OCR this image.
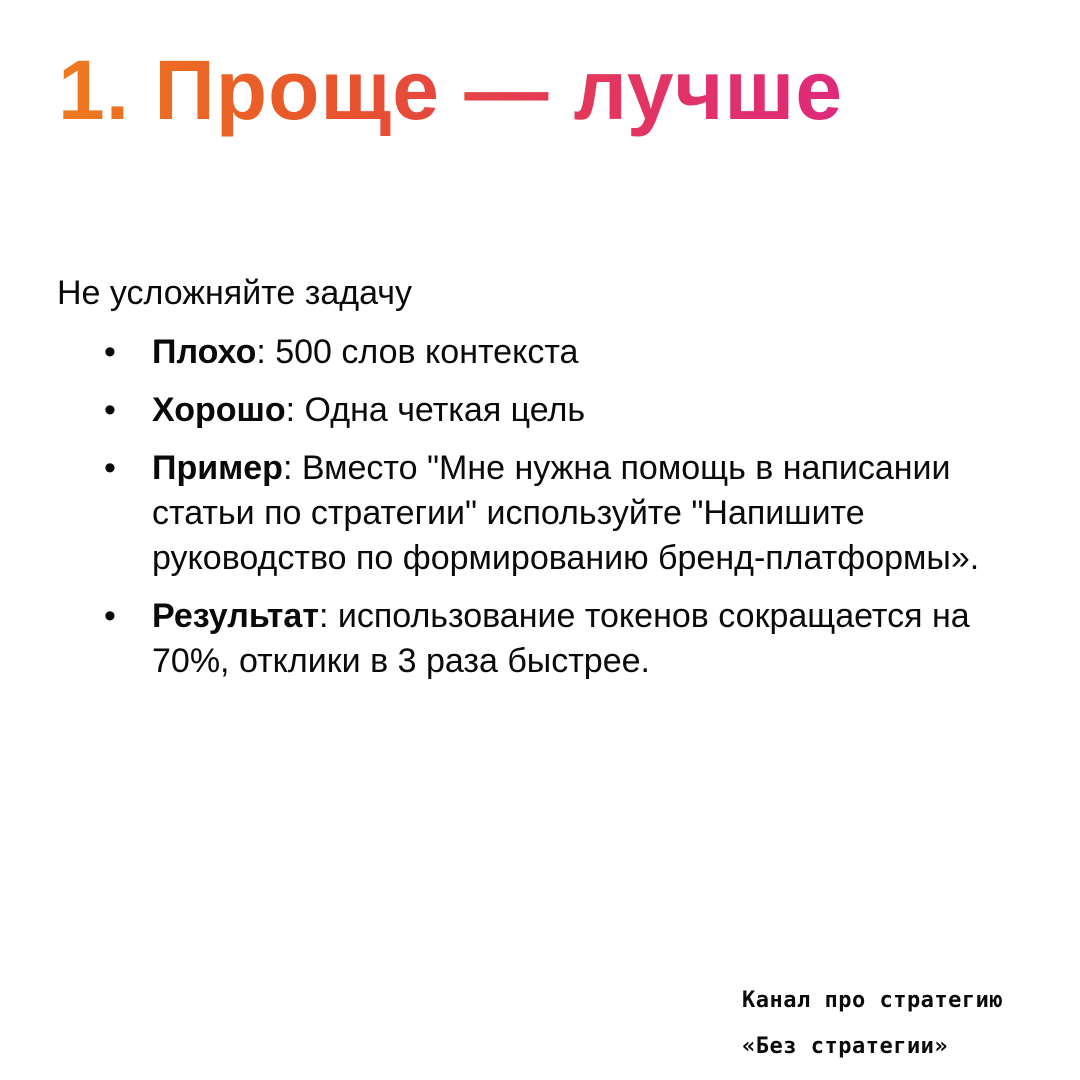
1. Проще — лучше

Не усложняйте задачу

• Плохо: 500 слов контекста
• Хорошо: Одна четкая цель
• Пример: Вместо "Мне нужна помощь в написании статьи по стратегии" используйте "Напишите руководство по формированию бренд-платформы».
• Результат: использование токенов сокращается на 70%, отклики в 3 раза быстрее.
Канал про стратегию
«Без стратегии»
